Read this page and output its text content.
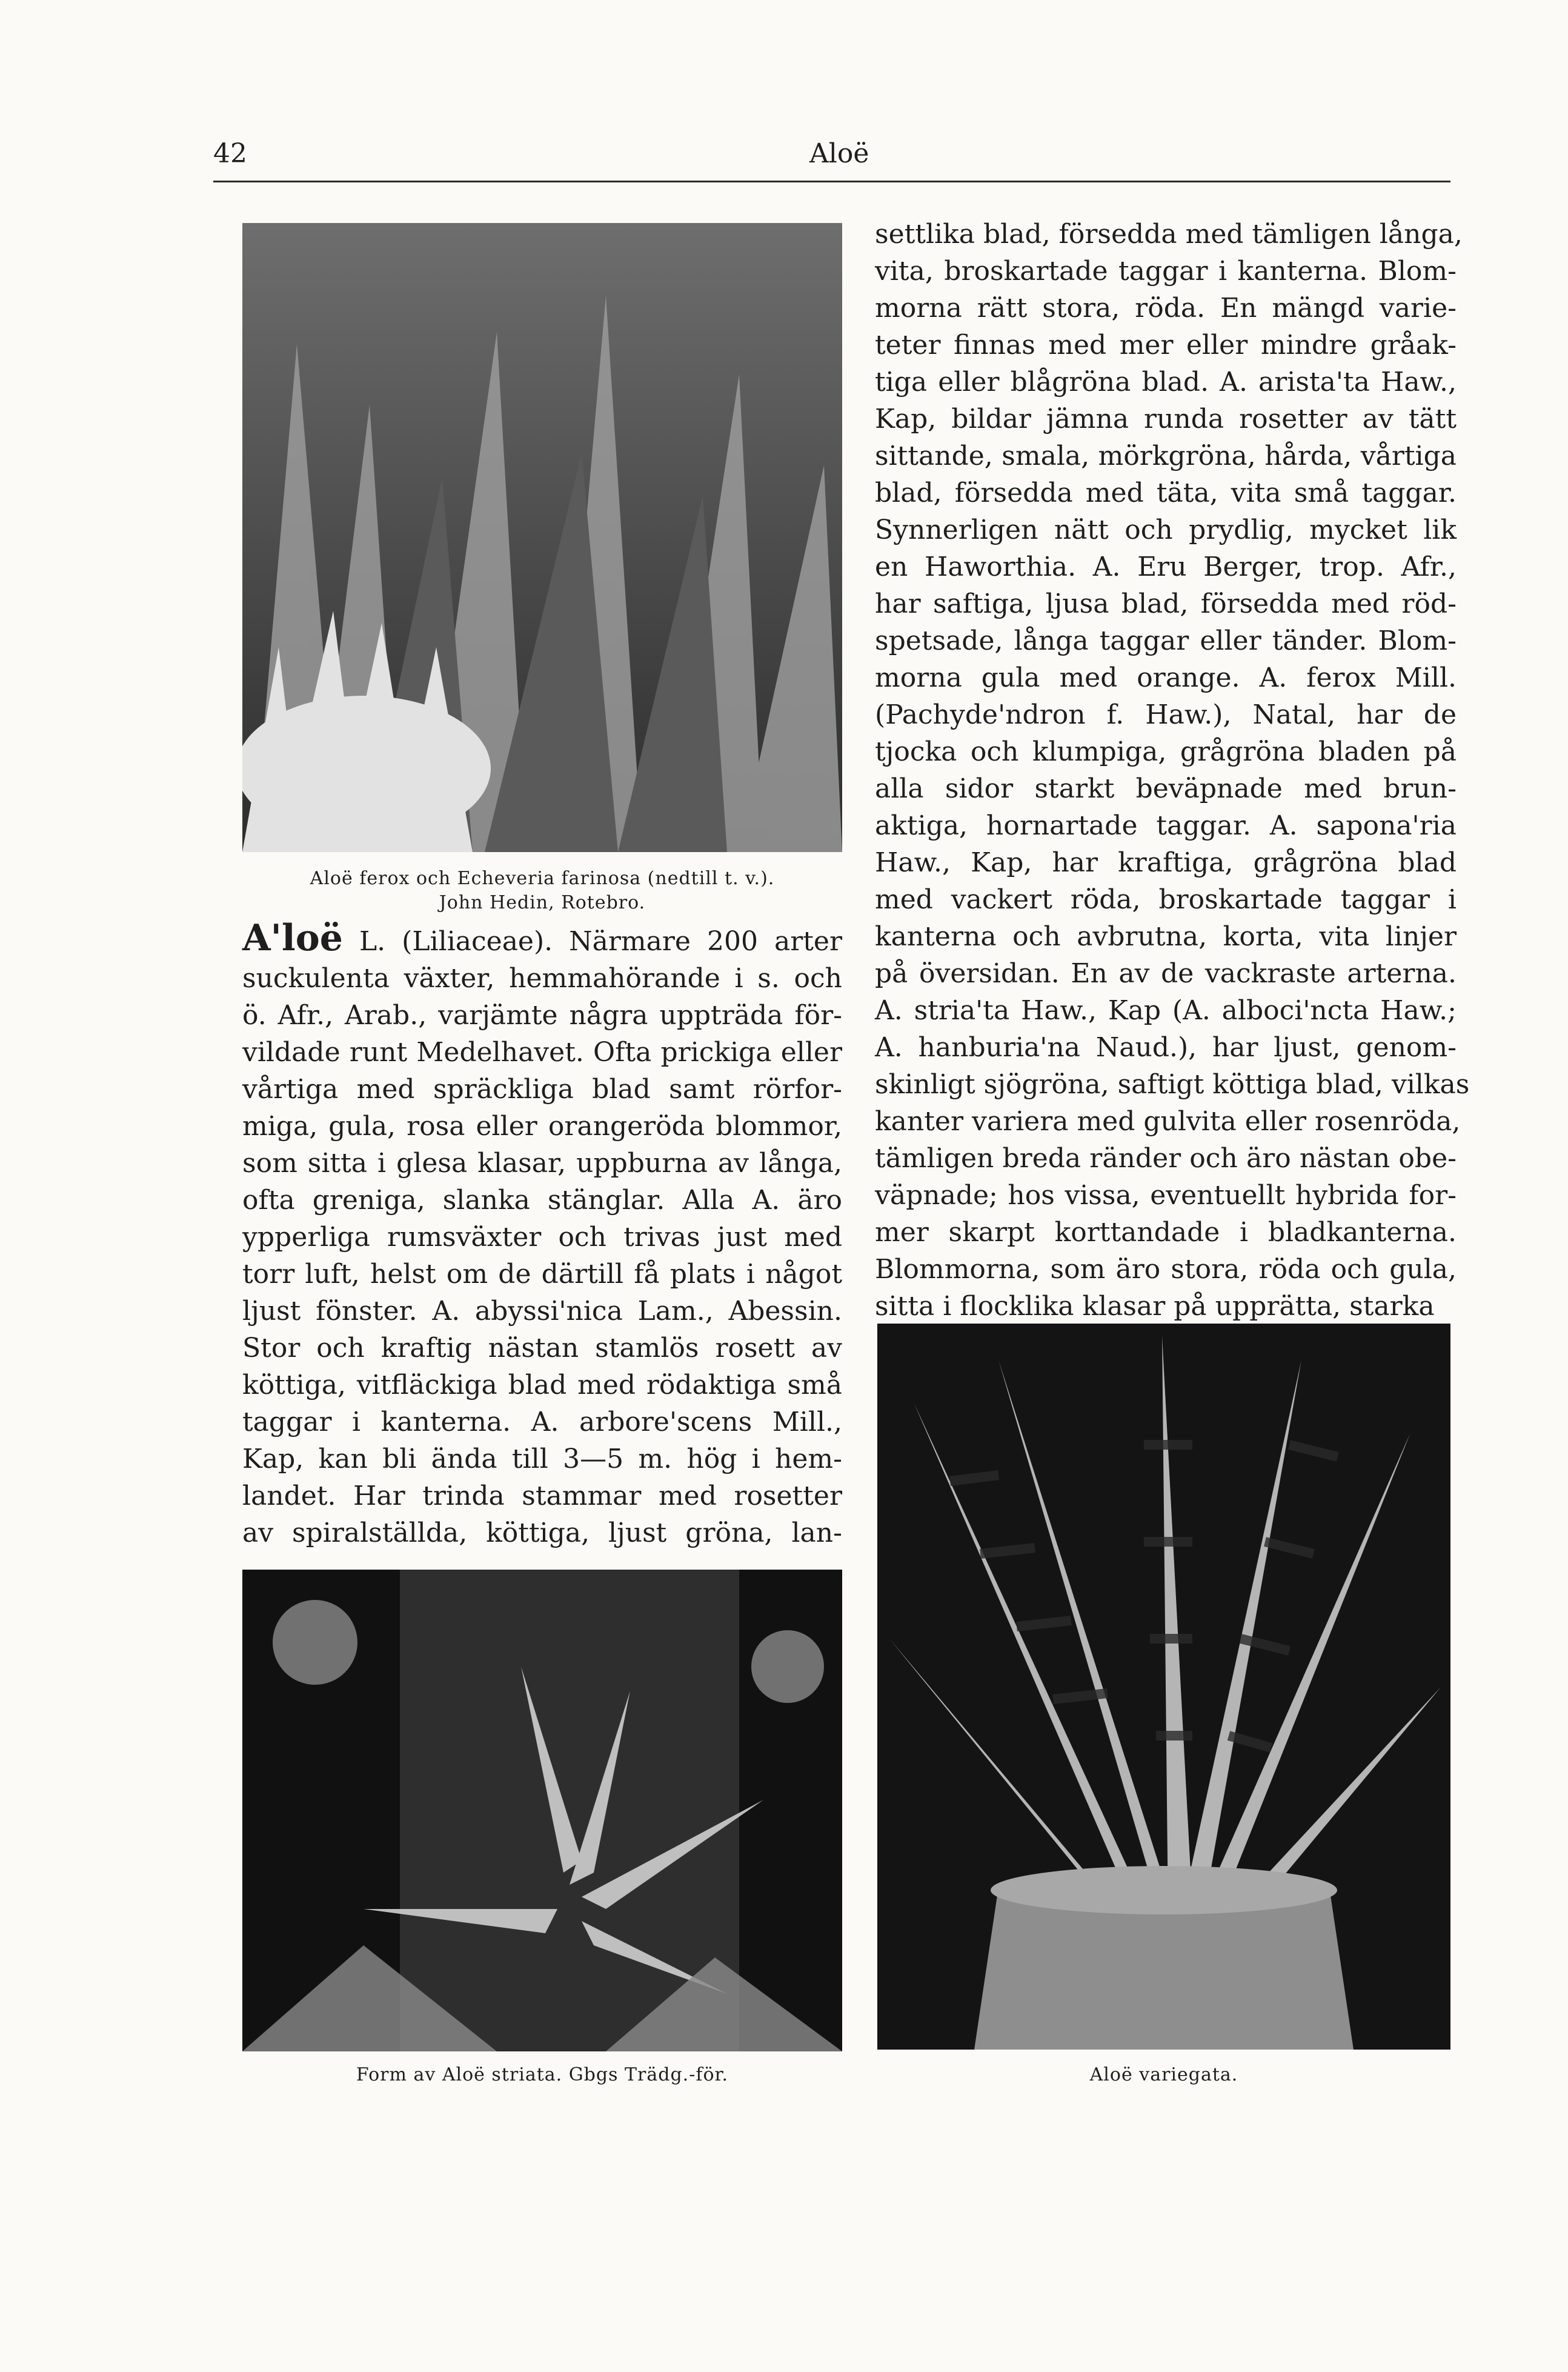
42	Aloë
Aloë ferox och Echeveria farinosa (nedtill t. v.).
John Hedin, Rotebro.

A'loë L. (Liliaceae). Närmare 200 arter

suckulenta växter, hemmahörande i s. och

ö. Afr., Arab., varjämte några uppträda för-

vildade runt Medelhavet. Ofta prickiga eller

vårtiga med spräckliga blad samt rörfor-

miga, gula, rosa eller orangeröda blommor,

som sitta i glesa klasar, uppburna av långa,

ofta greniga, slanka stänglar. Alla A. äro

ypperliga rumsväxter och trivas just med

torr luft, helst om de därtill få plats i något

ljust fönster. A. abyssi'nica Lam., Abessin.

Stor och kraftig nästan stamlös rosett av

köttiga, vitfläckiga blad med rödaktiga små

taggar i kanterna. A. arbore'scens Mill.,

Kap, kan bli ända till 3—5 m. hög i hem-

landet. Har trinda stammar med rosetter

av spiralställda, köttiga, ljust gröna, lan-

settlika blad, försedda med tämligen långa,

vita, broskartade taggar i kanterna. Blom-

morna rätt stora, röda. En mängd varie-

teter finnas med mer eller mindre gråak-

tiga eller blågröna blad. A. arista'ta Haw.,

Kap, bildar jämna runda rosetter av tätt

sittande, smala, mörkgröna, hårda, vårtiga

blad, försedda med täta, vita små taggar.

Synnerligen nätt och prydlig, mycket lik

en Haworthia. A. Eru Berger, trop. Afr.,

har saftiga, ljusa blad, försedda med röd-

spetsade, långa taggar eller tänder. Blom-

morna gula med orange. A. ferox Mill.

(Pachyde'ndron f. Haw.), Natal, har de

tjocka och klumpiga, grågröna bladen på

alla sidor starkt beväpnade med brun-

aktiga, hornartade taggar. A. sapona'ria

Haw., Kap, har kraftiga, grågröna blad

med vackert röda, broskartade taggar i

kanterna och avbrutna, korta, vita linjer

på översidan. En av de vackraste arterna.

A. stria'ta Haw., Kap (A. alboci'ncta Haw.;

A. hanburia'na Naud.), har ljust, genom-

skinligt sjögröna, saftigt köttiga blad, vilkas

kanter variera med gulvita eller rosenröda,

tämligen breda ränder och äro nästan obe-

väpnade; hos vissa, eventuellt hybrida for-

mer skarpt korttandade i bladkanterna.

Blommorna, som äro stora, röda och gula,

sitta i flocklika klasar på upprätta, starka

Form av Aloë striata. Gbgs Trädg.-för.	Aloë variegata.
